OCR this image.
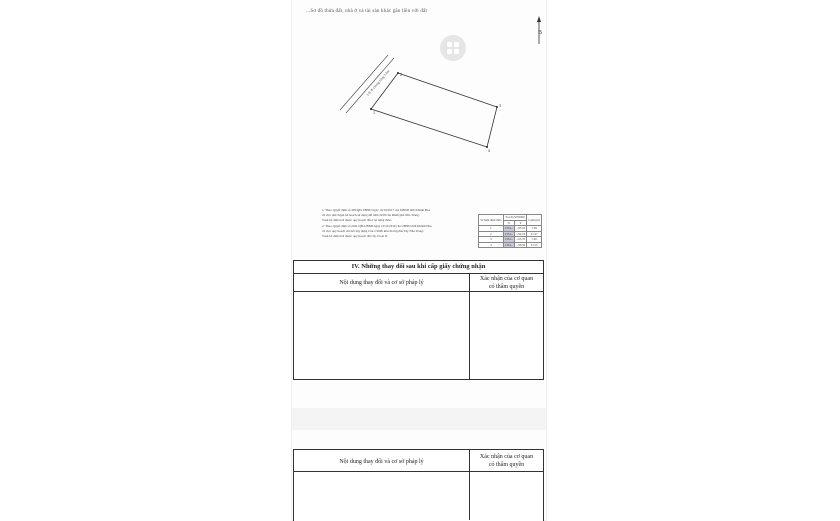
...Sơ đồ thửa đất, nhà ở và tài sản khác gắn liền với đất
B
Lối đi chung rộng 3.0m
1
2
3
4

1/ Theo Quyết định số 405/QĐ-UBND ngày 19/10/2017 của UBND tỉnh Khánh Hòa

về việc phê duyệt kế hoạch sử dụng đất năm 2018 của thành phố Nha Trang:

Toàn bộ diện tích thuộc quy hoạch đất ở tại nông thôn.

2/ Theo Quyết định số 2441/QĐ-UBND ngày 10/10/2019 của UBND tỉnh Khánh Hòa

về việc quy hoạch chi tiết xây dựng Cầu 1/2000 khu đô thị phía Tây Nha Trang:

Toàn bộ diện tích thuộc quy hoạch đất cây ở loại II.

Số hiệu đỉnh thửa	Tọa độ VN2000		Cạnh (m)
	X	Y	
1	1354...	...93.10	7.38
2	1354...	...92.16	21.47
3	1354...	...05.70	7.00
4	1354...	...96.59	21.55
IV. Những thay đổi sau khi cấp giấy chứng nhận
Nội dung thay đổi và cơ sở pháp lý
Xác nhận của cơ quan
có thẩm quyền
Nội dung thay đổi và cơ sở pháp lý
Xác nhận của cơ quan
có thẩm quyền
